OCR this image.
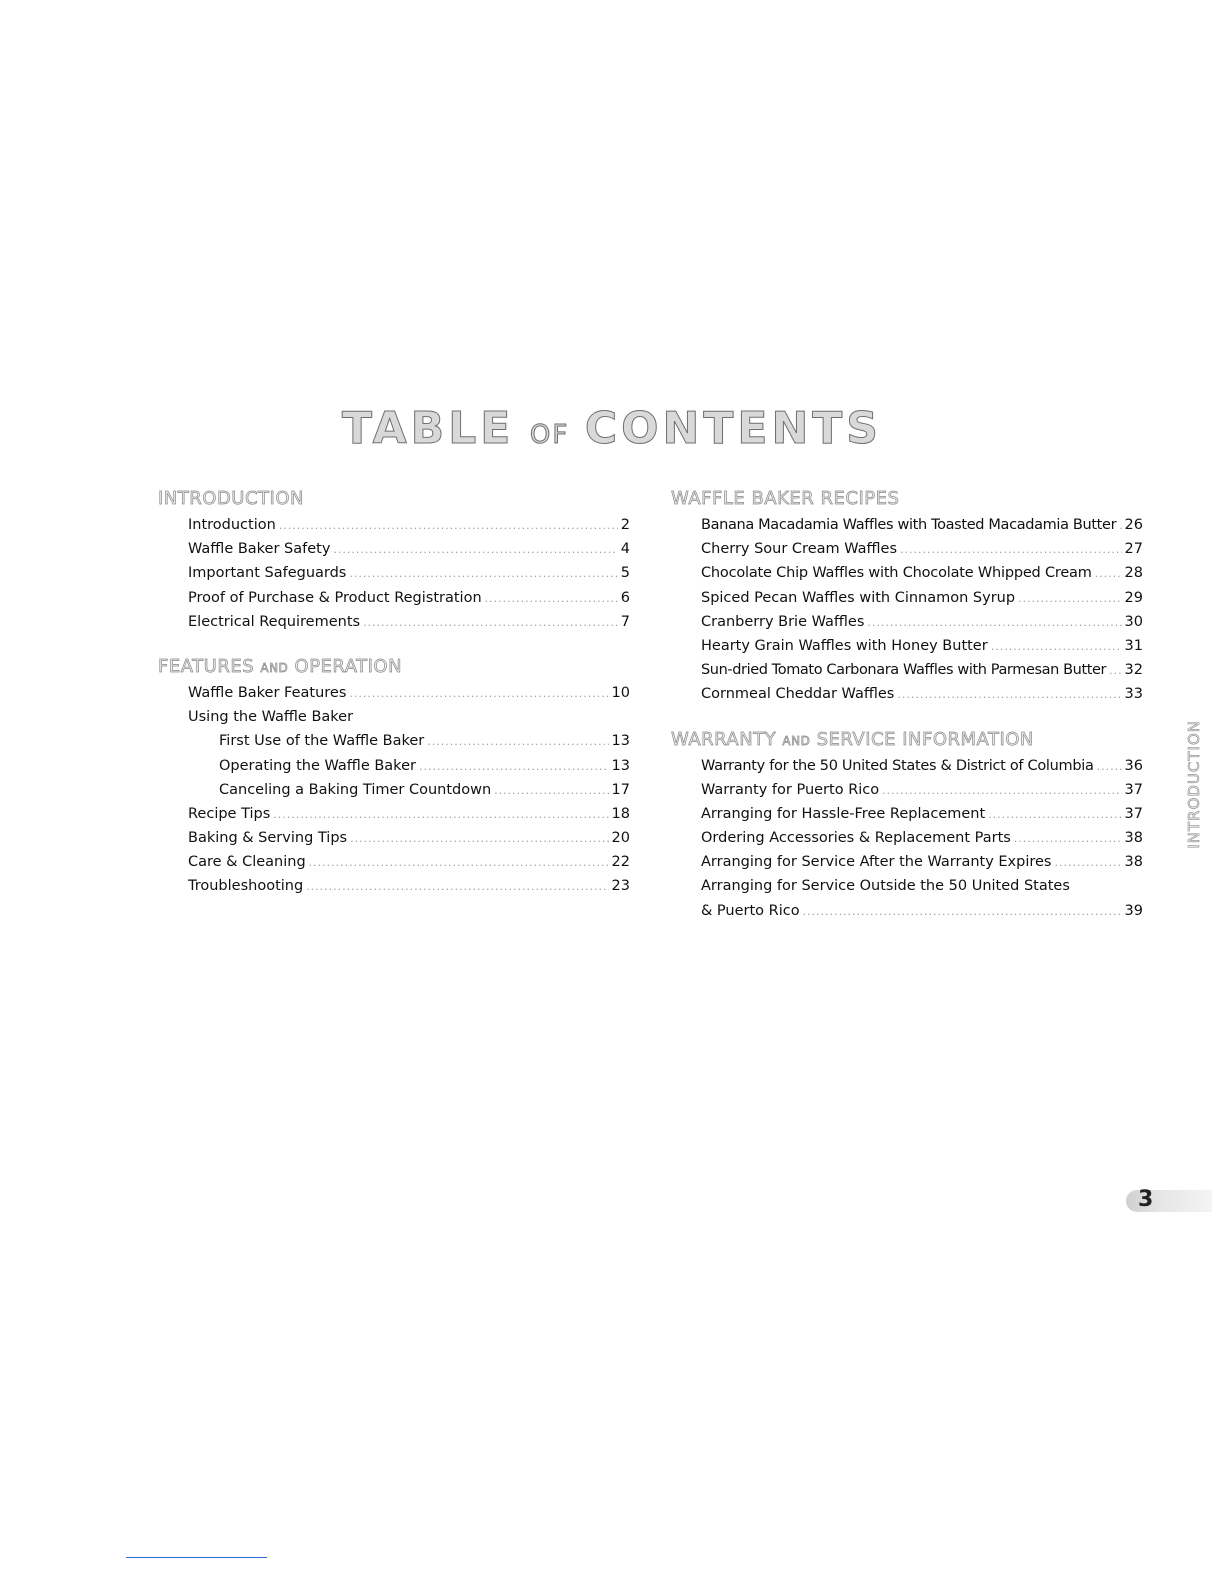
TABLE OF CONTENTS
INTRODUCTION
Introduction .....	2
Waffle Baker Safety .....	4
Important Safeguards .....	5
Proof of Purchase & Product Registration .....	6
Electrical Requirements .....	7
FEATURES AND OPERATION
Waffle Baker Features .....	10
Using the Waffle Baker
First Use of the Waffle Baker .....	13
Operating the Waffle Baker .....	13
Canceling a Baking Timer Countdown .....	17
Recipe Tips .....	18
Baking & Serving Tips .....	20
Care & Cleaning .....	22
Troubleshooting .....	23
WAFFLE BAKER RECIPES
Banana Macadamia Waffles with Toasted Macadamia Butter ..... 26
Cherry Sour Cream Waffles .....	27
Chocolate Chip Waffles with Chocolate Whipped Cream ..... 28
Spiced Pecan Waffles with Cinnamon Syrup .....	29
Cranberry Brie Waffles .....	30
Hearty Grain Waffles with Honey Butter .....	31
Sun-dried Tomato Carbonara Waffles with Parmesan Butter ..... 32
Cornmeal Cheddar Waffles .....	33
WARRANTY AND SERVICE INFORMATION
Warranty for the 50 United States & District of Columbia ..... 36
Warranty for Puerto Rico .....	37
Arranging for Hassle-Free Replacement .....	37
Ordering Accessories & Replacement Parts .....	38
Arranging for Service After the Warranty Expires .....	38
Arranging for Service Outside the 50 United States
& Puerto Rico .....	39
INTRODUCTION
3
